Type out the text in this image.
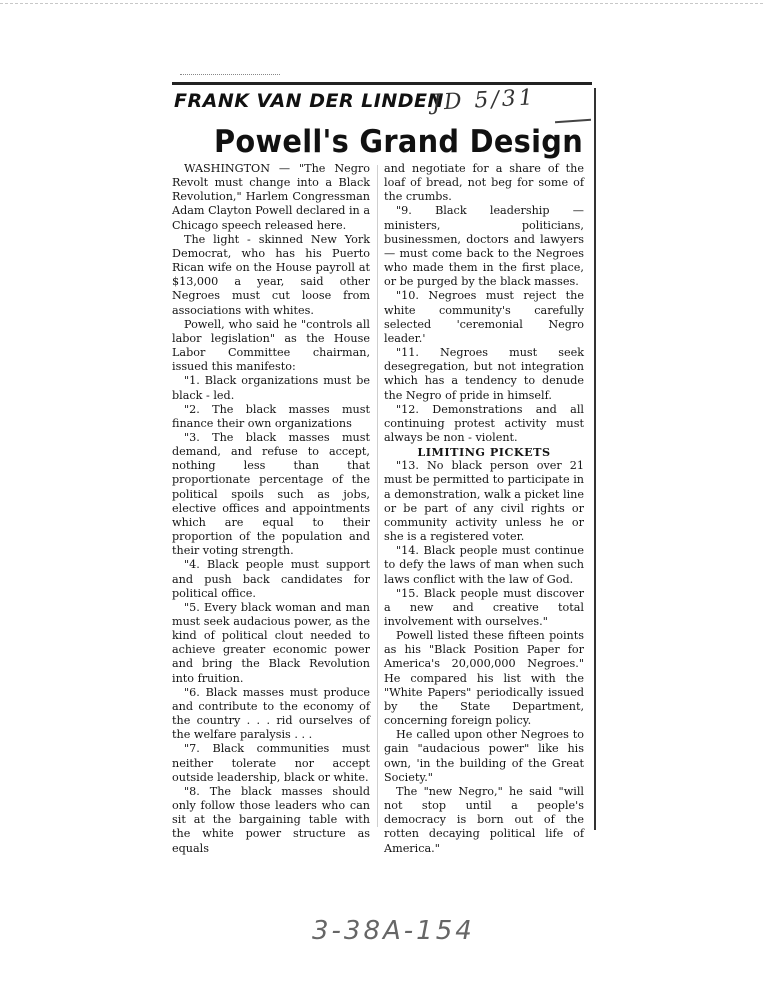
FRANK VAN DER LINDEN
JD 5/31
Powell's Grand Design

WASHINGTON — "The Negro Revolt must change into a Black Revolution," Harlem Congressman Adam Clayton Powell declared in a Chicago speech released here.

The light - skinned New York Democrat, who has his Puerto Rican wife on the House payroll at $13,000 a year, said other Negroes must cut loose from associations with whites.

Powell, who said he "controls all labor legislation" as the House Labor Committee chairman, issued this manifesto:

"1. Black organizations must be black - led.

"2. The black masses must finance their own organizations

"3. The black masses must demand, and refuse to accept, nothing less than that proportionate percentage of the political spoils such as jobs, elective offices and appointments which are equal to their proportion of the population and their voting strength.

"4. Black people must support and push back candidates for political office.

"5. Every black woman and man must seek audacious power, as the kind of political clout needed to achieve greater economic power and bring the Black Revolution into fruition.

"6. Black masses must produce and contribute to the economy of the country . . . rid ourselves of the welfare paralysis . . .

"7. Black communities must neither tolerate nor accept outside leadership, black or white.

"8. The black masses should only follow those leaders who can sit at the bargaining table with the white power structure as equals

and negotiate for a share of the loaf of bread, not beg for some of the crumbs.

"9. Black leadership — ministers, politicians, businessmen, doctors and lawyers — must come back to the Negroes who made them in the first place, or be purged by the black masses.

"10. Negroes must reject the white community's carefully selected 'ceremonial Negro leader.'

"11. Negroes must seek desegregation, but not integration which has a tendency to denude the Negro of pride in himself.

"12. Demonstrations and all continuing protest activity must always be non - violent.

LIMITING PICKETS

"13. No black person over 21 must be permitted to participate in a demonstration, walk a picket line or be part of any civil rights or community activity unless he or she is a registered voter.

"14. Black people must continue to defy the laws of man when such laws conflict with the law of God.

"15. Black people must discover a new and creative total involvement with ourselves."

Powell listed these fifteen points as his "Black Position Paper for America's 20,000,000 Negroes." He compared his list with the "White Papers" periodically issued by the State Department, concerning foreign policy.

He called upon other Negroes to gain "audacious power" like his own, 'in the building of the Great Society."

The "new Negro," he said "will not stop until a people's democracy is born out of the rotten decaying political life of America."

3-38A-154
